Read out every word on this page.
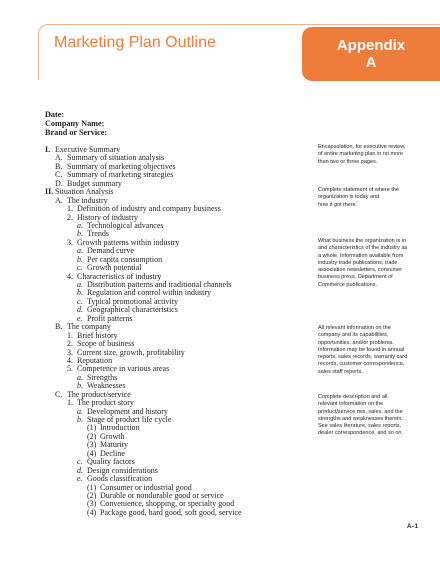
Marketing Plan Outline	Appendix
A
Date:
Company Name:
Brand or Service:
I. Executive Summary
A. Summary of situation analysis
B. Summary of marketing objectives
C. Summary of marketing strategies
D. Budget summary
II. Situation Analysis
A. The industry
1. Definition of industry and company business
2. History of industry
a. Technological advances
b. Trends
3. Growth patterns within industry
a. Demand curve
b. Per capita consumption
c. Growth potential
4. Characteristics of industry
a. Distribution patterns and traditional channels
b. Regulation and control within industry
c. Typical promotional activity
d. Geographical characteristics
e. Profit patterns
B. The company
1. Brief history
2. Scope of business
3. Current size, growth, profitability
4. Reputation
5. Competence in various areas
a. Strengths
b. Weaknesses
C. The product/service
1. The product story
a. Development and history
b. Stage of product life cycle
(1) Introduction
(2) Growth
(3) Maturity
(4) Decline
c. Quality factors
d. Design considerations
e. Goods classification
(1) Consumer or industrial good
(2) Durable or nondurable good or service
(3) Convenience, shopping, or specialty good
(4) Package good, hard good, soft good, service
Encapsulation, for executive review,
of entire marketing plan in no more
than two or three pages.
Complete statement of where the
organization is today and
how it got there.
What business the organization is in
and characteristics of the industry as
a whole. Information available from
industry trade publications, trade
association newsletters, consumer
business press, Department of
Commerce publications.
All relevant information on the
company and its capabilities,
opportunities, and/or problems.
Information may be found in annual
reports, sales records, warranty card
records, customer correspondence,
sales staff reports.
Complete description and all
relevant information on the
product/service mix, sales, and the
strengths and weaknesses therein.
See sales literature, sales reports,
dealer correspondence, and so on.
A–1
